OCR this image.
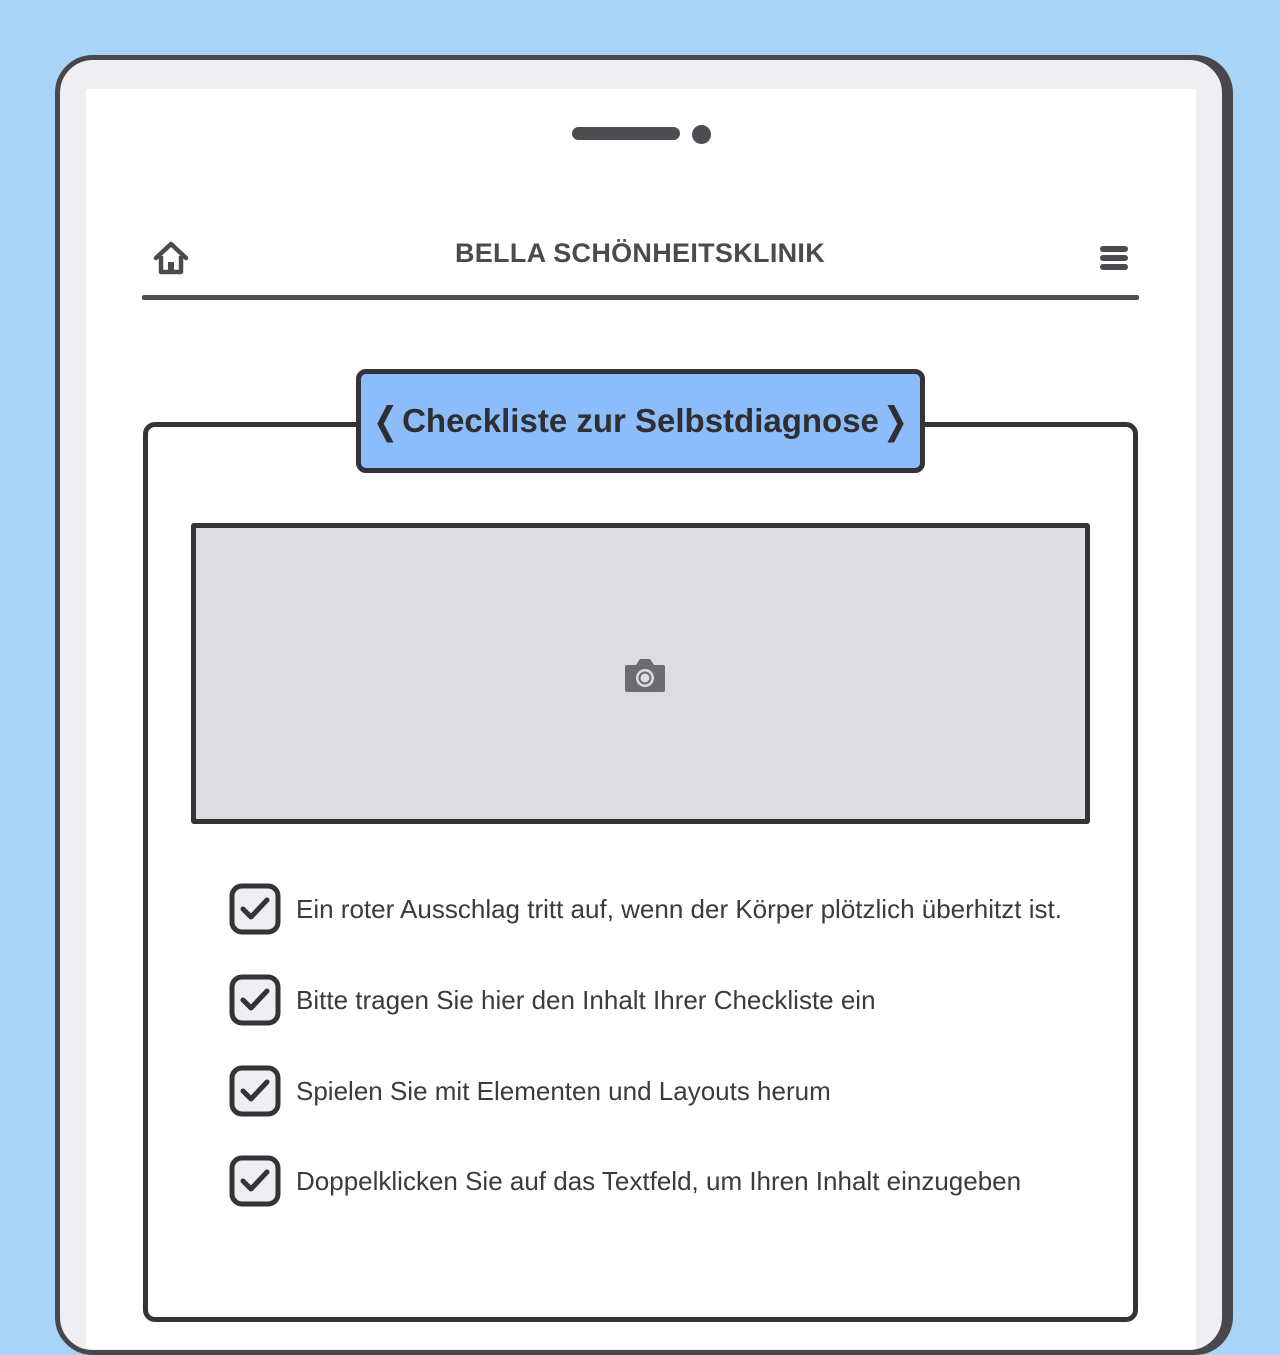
BELLA SCHÖNHEITSKLINIK
❮ Checkliste zur Selbstdiagnose ❯
Ein roter Ausschlag tritt auf, wenn der Körper plötzlich überhitzt ist.
Bitte tragen Sie hier den Inhalt Ihrer Checkliste ein
Spielen Sie mit Elementen und Layouts herum
Doppelklicken Sie auf das Textfeld, um Ihren Inhalt einzugeben
